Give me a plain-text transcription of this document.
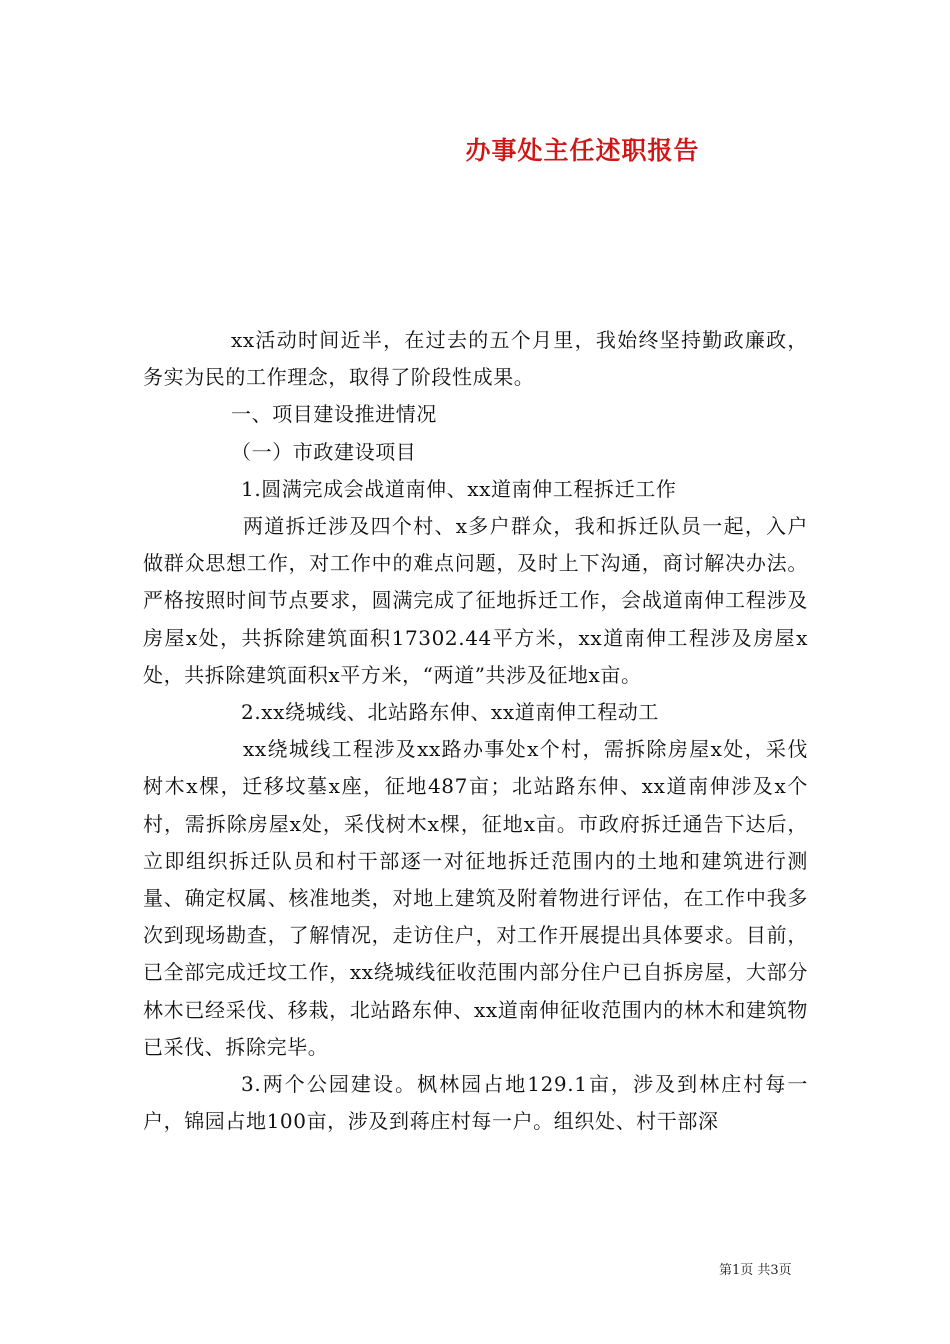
办事处主任述职报告

xx活动时间近半，在过去的五个月里，我始终坚持勤政廉政，务实为民的工作理念，取得了阶段性成果。

一、项目建设推进情况

（一）市政建设项目

1.圆满完成会战道南伸、xx道南伸工程拆迁工作

两道拆迁涉及四个村、x多户群众，我和拆迁队员一起，入户做群众思想工作，对工作中的难点问题，及时上下沟通，商讨解决办法。严格按照时间节点要求，圆满完成了征地拆迁工作，会战道南伸工程涉及房屋x处，共拆除建筑面积17302.44平方米，xx道南伸工程涉及房屋x处，共拆除建筑面积x平方米，“两道”共涉及征地x亩。

2.xx绕城线、北站路东伸、xx道南伸工程动工

xx绕城线工程涉及xx路办事处x个村，需拆除房屋x处，采伐树木x棵，迁移坟墓x座，征地487亩；北站路东伸、xx道南伸涉及x个村，需拆除房屋x处，采伐树木x棵，征地x亩。市政府拆迁通告下达后，立即组织拆迁队员和村干部逐一对征地拆迁范围内的土地和建筑进行测量、确定权属、核准地类，对地上建筑及附着物进行评估，在工作中我多次到现场勘查，了解情况，走访住户，对工作开展提出具体要求。目前，已全部完成迁坟工作，xx绕城线征收范围内部分住户已自拆房屋，大部分林木已经采伐、移栽，北站路东伸、xx道南伸征收范围内的林木和建筑物已采伐、拆除完毕。

3.两个公园建设。枫林园占地129.1亩，涉及到林庄村每一户，锦园占地100亩，涉及到蒋庄村每一户。组织处、村干部深

第1页 共3页
